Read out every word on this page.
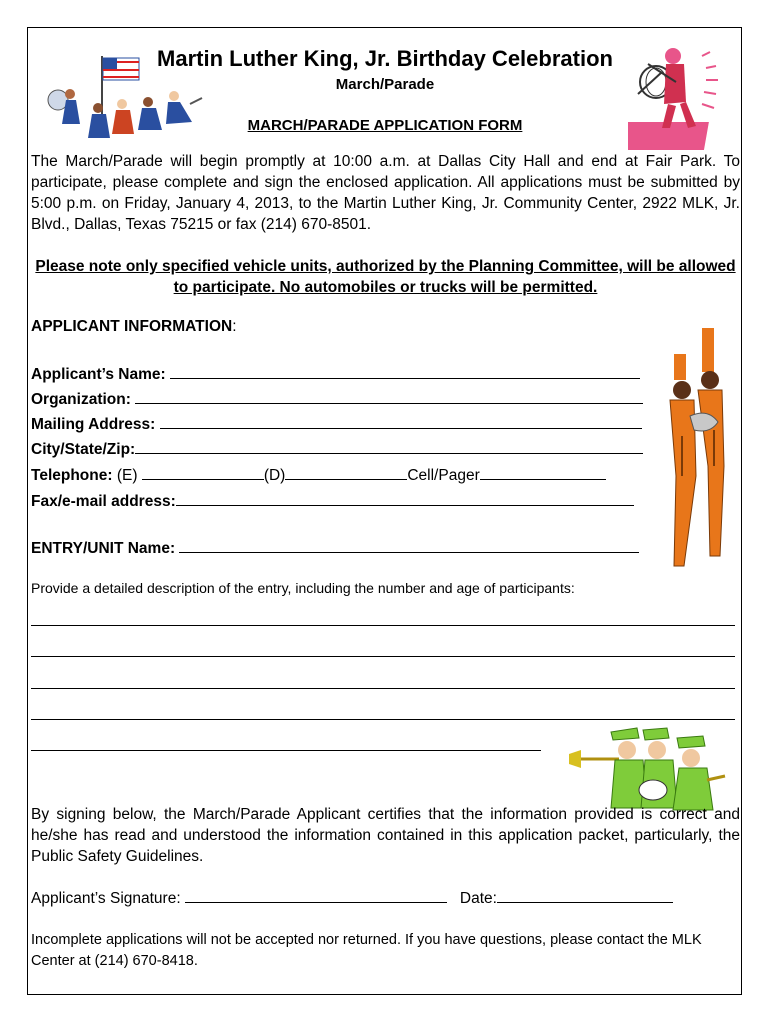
Martin Luther King, Jr. Birthday Celebration
March/Parade
MARCH/PARADE APPLICATION FORM
The March/Parade will begin promptly at 10:00 a.m. at Dallas City Hall and end at Fair Park. To participate, please complete and sign the enclosed application. All applications must be submitted by 5:00 p.m. on Friday, January 4, 2013, to the Martin Luther King, Jr. Community Center, 2922 MLK, Jr. Blvd., Dallas, Texas 75215 or fax (214) 670-8501.
Please note only specified vehicle units, authorized by the Planning Committee, will be allowed to participate. No automobiles or trucks will be permitted.
APPLICANT INFORMATION:
Applicant’s Name:
Organization:
Mailing Address:
City/State/Zip:
Telephone: (E)	(D)	Cell/Pager
Fax/e-mail address:
ENTRY/UNIT Name:
Provide a detailed description of the entry, including the number and age of participants:
By signing below, the March/Parade Applicant certifies that the information provided is correct and he/she has read and understood the information contained in this application packet, particularly, the Public Safety Guidelines.
Applicant’s Signature:	Date:
Incomplete applications will not be accepted nor returned. If you have questions, please contact the MLK Center at (214) 670-8418.
